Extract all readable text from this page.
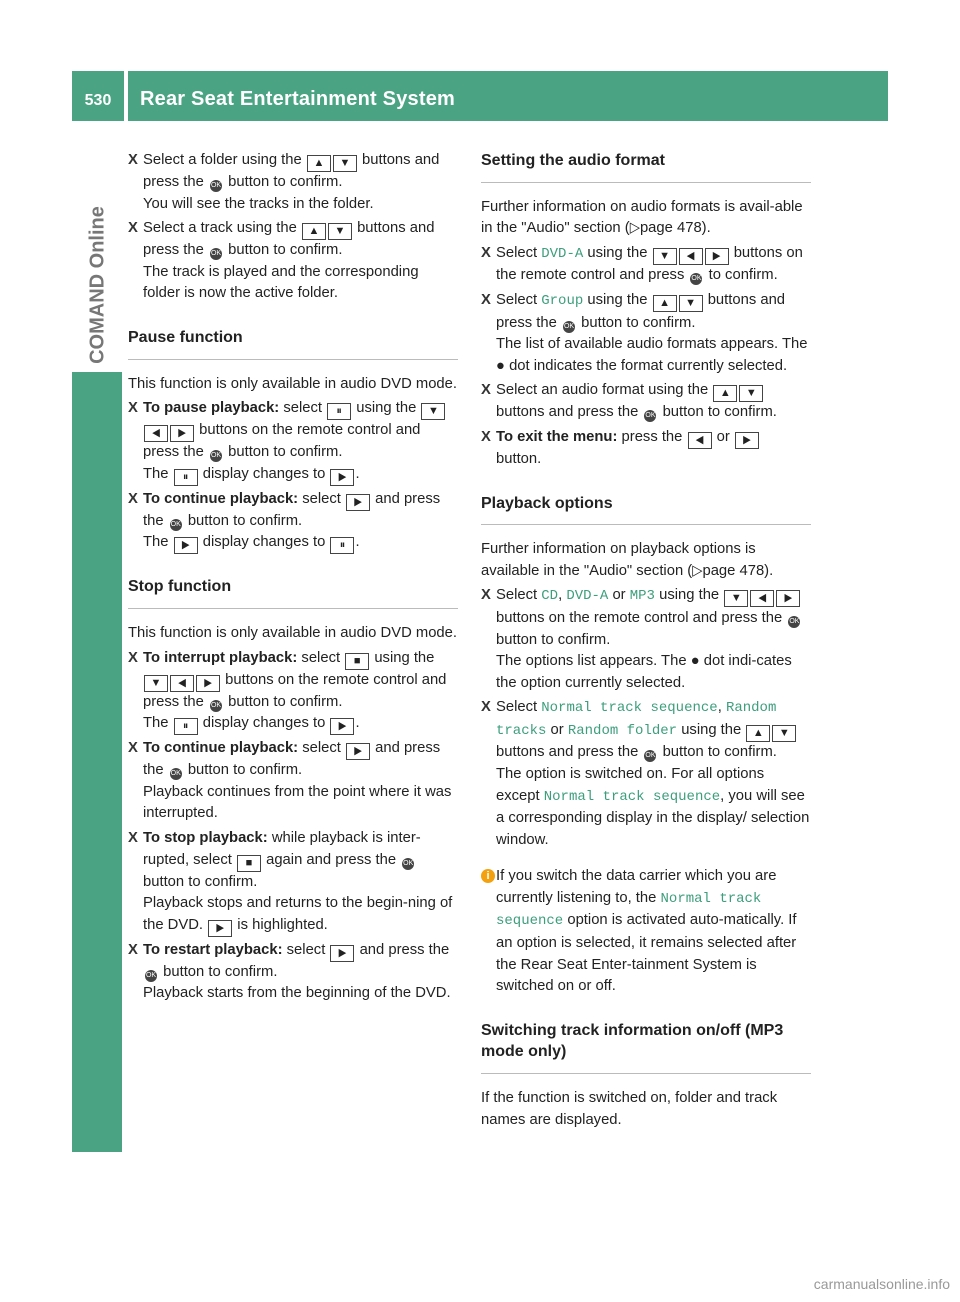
530	Rear Seat Entertainment System
COMAND Online

X Select a folder using the ▲ ▼ buttons and press the OK button to confirm.
You will see the tracks in the folder.

X Select a track using the ▲ ▼ buttons and press the OK button to confirm.
The track is played and the corresponding folder is now the active folder.

Pause function

This function is only available in audio DVD mode.

X To pause playback: select ⏸ using the ▼◀ ▶ buttons on the remote control and press the OK button to confirm.
The ⏸ display changes to ▶ .

X To continue playback: select ▶ and press the OK button to confirm.
The ▶ display changes to ⏸ .

Stop function

This function is only available in audio DVD mode.

X To interrupt playback: select ■ using the ▼ ◀ ▶ buttons on the remote control and press the OK button to confirm.
The ⏸ display changes to ▶ .

X To continue playback: select ▶ and press the OK button to confirm.
Playback continues from the point where it was interrupted.

X To stop playback: while playback is inter-rupted, select ■ again and press the OK button to confirm.
Playback stops and returns to the begin-ning of the DVD. ▶ is highlighted.

X To restart playback: select ▶ and press the OK button to confirm.
Playback starts from the beginning of the DVD.

Setting the audio format

Further information on audio formats is avail-able in the "Audio" section (▷page 478).

X Select DVD-A using the ▼ ◀ ▶ buttons on the remote control and press OK to confirm.

X Select Group using the ▲ ▼ buttons and press the OK button to confirm.
The list of available audio formats appears. The ● dot indicates the format currently selected.

X Select an audio format using the ▲ ▼ buttons and press the OK button to confirm.

X To exit the menu: press the ◀ or ▶
button.

Playback options

Further information on playback options is available in the "Audio" section (▷page 478).

X Select CD, DVD-A or MP3 using the ▼ ◀ ▶ buttons on the remote control and press the OK button to confirm.
The options list appears. The ● dot indi-cates the option currently selected.

X Select Normal track sequence, Random tracks or Random folder using the ▲ ▼ buttons and press the OK button to confirm.
The option is switched on. For all options except Normal track sequence, you will see a corresponding display in the display/ selection window.

i If you switch the data carrier which you are currently listening to, the Normal track sequence option is activated auto-matically. If an option is selected, it remains selected after the Rear Seat Enter-tainment System is switched on or off.

Switching track information on/off (MP3 mode only)

If the function is switched on, folder and track names are displayed.

carmanualsonline.info
